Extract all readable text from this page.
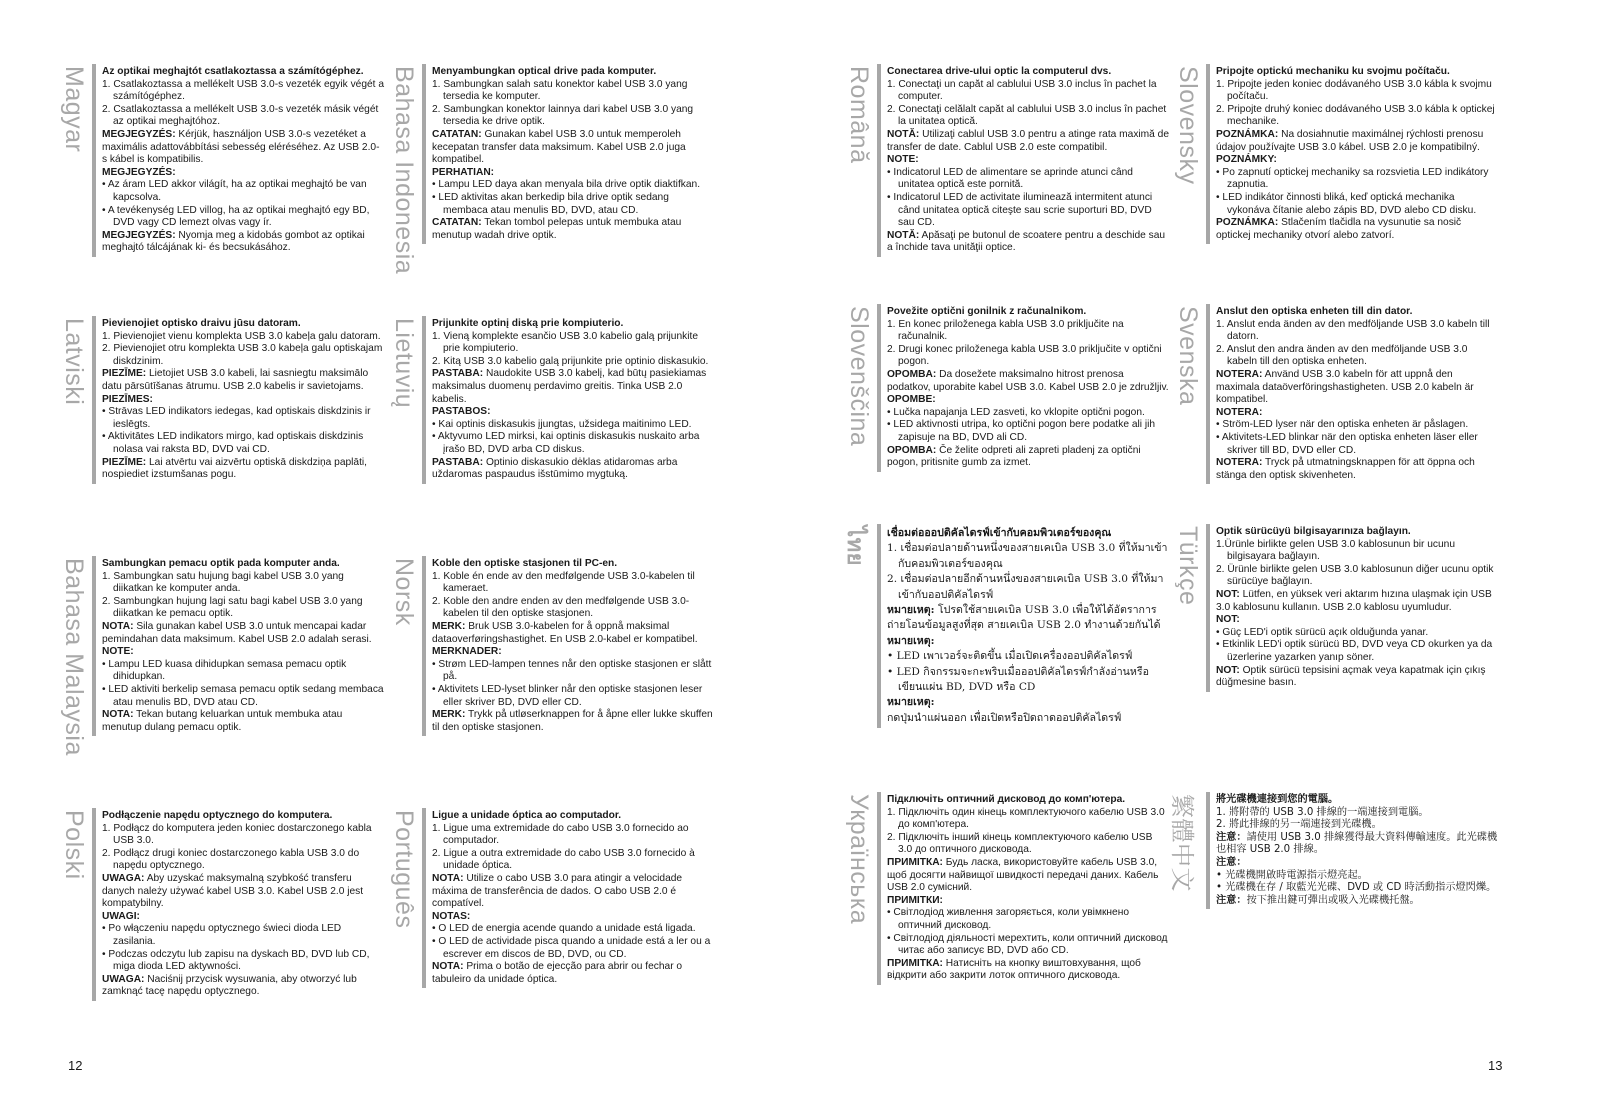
Magyar Az optikai meghajtót csatlakoztassa a számítógéphez.
1. Csatlakoztassa a mellékelt USB 3.0-s vezeték egyik végét a számítógéphez.
2. Csatlakoztassa a mellékelt USB 3.0-s vezeték másik végét az optikai meghajtóhoz.
MEGJEGYZÉS: Kérjük, használjon USB 3.0-s vezetéket a maximális adattovábbítási sebesség eléréséhez. Az USB 2.0-s kábel is kompatibilis.
MEGJEGYZÉS:
• Az áram LED akkor világít, ha az optikai meghajtó be van kapcsolva.
• A tevékenység LED villog, ha az optikai meghajtó egy BD, DVD vagy CD lemezt olvas vagy ír.
MEGJEGYZÉS: Nyomja meg a kidobás gombot az optikai meghajtó tálcájának ki- és becsukásához.	Bahasa Indonesia Menyambungkan optical drive pada komputer.
1. Sambungkan salah satu konektor kabel USB 3.0 yang tersedia ke komputer.
2. Sambungkan konektor lainnya dari kabel USB 3.0 yang tersedia ke drive optik.
CATATAN: Gunakan kabel USB 3.0 untuk memperoleh kecepatan transfer data maksimum. Kabel USB 2.0 juga kompatibel.
PERHATIAN:
• Lampu LED daya akan menyala bila drive optik diaktifkan.
• LED aktivitas akan berkedip bila drive optik sedang membaca atau menulis BD, DVD, atau CD.
CATATAN: Tekan tombol pelepas untuk membuka atau menutup wadah drive optik.
Română Conectarea drive-ului optic la computerul dvs.
1. Conectaţi un capăt al cablului USB 3.0 inclus în pachet la computer.
2. Conectaţi celălalt capăt al cablului USB 3.0 inclus în pachet la unitatea optică.
NOTĂ: Utilizaţi cablul USB 3.0 pentru a atinge rata maximă de transfer de date. Cablul USB 2.0 este compatibil.
NOTE:
• Indicatorul LED de alimentare se aprinde atunci când unitatea optică este pornită.
• Indicatorul LED de activitate iluminează intermitent atunci când unitatea optică citeşte sau scrie suporturi BD, DVD sau CD.
NOTĂ: Apăsaţi pe butonul de scoatere pentru a deschide sau a închide tava unităţii optice.
Slovensky Pripojte optickú mechaniku ku svojmu počítaču.
1. Pripojte jeden koniec dodávaného USB 3.0 kábla k svojmu počítaču.
2. Pripojte druhý koniec dodávaného USB 3.0 kábla k optickej mechanike.
POZNÁMKA: Na dosiahnutie maximálnej rýchlosti prenosu údajov používajte USB 3.0 kábel. USB 2.0 je kompatibilný.
POZNÁMKY:
• Po zapnutí optickej mechaniky sa rozsvietia LED indikátory zapnutia.
• LED indikátor činnosti bliká, keď optická mechanika vykonáva čítanie alebo zápis BD, DVD alebo CD disku.
POZNÁMKA: Stlačením tlačidla na vysunutie sa nosič optickej mechaniky otvorí alebo zatvorí.
Latviski Pievienojiet optisko draivu jūsu datoram.
1. Pievienojiet vienu komplekta USB 3.0 kabeļa galu datoram.
2. Pievienojiet otru komplekta USB 3.0 kabeļa galu optiskajam diskdzinim.
PIEZĪME: Lietojiet USB 3.0 kabeli, lai sasniegtu maksimālo datu pārsūtīšanas ātrumu. USB 2.0 kabelis ir savietojams.
PIEZĪMES:
• Strāvas LED indikators iedegas, kad optiskais diskdzinis ir ieslēgts.
• Aktivitātes LED indikators mirgo, kad optiskais diskdzinis nolasa vai raksta BD, DVD vai CD.
PIEZĪME: Lai atvērtu vai aizvērtu optiskā diskdziņa paplāti, nospiediet izstumšanas pogu.
Lietuvių Prijunkite optinį diską prie kompiuterio.
1. Vieną komplekte esančio USB 3.0 kabelio galą prijunkite prie kompiuterio.
2. Kitą USB 3.0 kabelio galą prijunkite prie optinio diskasukio.
PASTABA: Naudokite USB 3.0 kabelį, kad būtų pasiekiamas maksimalus duomenų perdavimo greitis. Tinka USB 2.0 kabelis.
PASTABOS:
• Kai optinis diskasukis įjungtas, užsidega maitinimo LED.
• Aktyvumo LED mirksi, kai optinis diskasukis nuskaito arba įrašo BD, DVD arba CD diskus.
PASTABA: Optinio diskasukio dėklas atidaromas arba uždaromas paspaudus išstūmimo mygtuką.
Slovenščina Povežite optični gonilnik z računalnikom.
1. En konec priloženega kabla USB 3.0 priključite na računalnik.
2. Drugi konec priloženega kabla USB 3.0 priključite v optični pogon.
OPOMBA: Da dosežete maksimalno hitrost prenosa podatkov, uporabite kabel USB 3.0. Kabel USB 2.0 je združljiv.
OPOMBE:
• Lučka napajanja LED zasveti, ko vklopite optični pogon.
• LED aktivnosti utripa, ko optični pogon bere podatke ali jih zapisuje na BD, DVD ali CD.
OPOMBA: Če želite odpreti ali zapreti pladenj za optični pogon, pritisnite gumb za izmet.
Svenska Anslut den optiska enheten till din dator.
1. Anslut enda änden av den medföljande USB 3.0 kabeln till datorn.
2. Anslut den andra änden av den medföljande USB 3.0 kabeln till den optiska enheten.
NOTERA: Använd USB 3.0 kabeln för att uppnå den maximala dataöverföringshastigheten. USB 2.0 kabeln är kompatibel.
NOTERA:
• Ström-LED lyser när den optiska enheten är påslagen.
• Aktivitets-LED blinkar när den optiska enheten läser eller skriver till BD, DVD eller CD.
NOTERA: Tryck på utmatningsknappen för att öppna och stänga den optisk skivenheten.
Bahasa Malaysia Sambungkan pemacu optik pada komputer anda.
1. Sambungkan satu hujung bagi kabel USB 3.0 yang diikatkan ke komputer anda.
2. Sambungkan hujung lagi satu bagi kabel USB 3.0 yang diikatkan ke pemacu optik.
NOTA: Sila gunakan kabel USB 3.0 untuk mencapai kadar pemindahan data maksimum. Kabel USB 2.0 adalah serasi.
NOTE:
• Lampu LED kuasa dihidupkan semasa pemacu optik dihidupkan.
• LED aktiviti berkelip semasa pemacu optik sedang membaca atau menulis BD, DVD atau CD.
NOTA: Tekan butang keluarkan untuk membuka atau menutup dulang pemacu optik.
Norsk Koble den optiske stasjonen til PC-en.
1. Koble én ende av den medfølgende USB 3.0-kabelen til kameraet.
2. Koble den andre enden av den medfølgende USB 3.0-kabelen til den optiske stasjonen.
MERK: Bruk USB 3.0-kabelen for å oppnå maksimal dataoverføringshastighet. En USB 2.0-kabel er kompatibel.
MERKNADER:
• Strøm LED-lampen tennes når den optiske stasjonen er slått på.
• Aktivitets LED-lyset blinker når den optiske stasjonen leser eller skriver BD, DVD eller CD.
MERK: Trykk på utløserknappen for å åpne eller lukke skuffen til den optiske stasjonen.
ไทย	เชื่อมต่อออปติคัลไดรฟ์เข้ากับคอมพิวเตอร์ของคุณ
1. เชื่อมต่อปลายด้านหนึ่งของสายเคเบิล USB 3.0 ที่ให้มาเข้ากับคอมพิวเตอร์ของคุณ
2. เชื่อมต่อปลายอีกด้านหนึ่งของสายเคเบิล USB 3.0 ที่ให้มาเข้ากับออปติคัลไดรฟ์
หมายเหตุ: โปรดใช้สายเคเบิล USB 3.0 เพื่อให้ได้อัตราการถ่ายโอนข้อมูลสูงที่สุด สายเคเบิล USB 2.0 ทำงานด้วยกันได้
หมายเหตุ:
• LED เพาเวอร์จะติดขึ้น เมื่อเปิดเครื่องออปติคัลไดรฟ์
• LED กิจกรรมจะกะพริบเมื่อออปติคัลไดรฟ์กำลังอ่านหรือเขียนแผ่น BD, DVD หรือ CD
หมายเหตุ:
กดปุ่มนำแผ่นออก เพื่อเปิดหรือปิดถาดออปติคัลไดรฟ์
Türkçe Optik sürücüyü bilgisayarınıza bağlayın.
1.Ürünle birlikte gelen USB 3.0 kablosunun bir ucunu bilgisayara bağlayın.
2. Ürünle birlikte gelen USB 3.0 kablosunun diğer ucunu optik sürücüye bağlayın.
NOT: Lütfen, en yüksek veri aktarım hızına ulaşmak için USB 3.0 kablosunu kullanın. USB 2.0 kablosu uyumludur.
NOT:
• Güç LED'i optik sürücü açık olduğunda yanar.
• Etkinlik LED'i optik sürücü BD, DVD veya CD okurken ya da üzerlerine yazarken yanıp söner.
NOT: Optik sürücü tepsisini açmak veya kapatmak için çıkış düğmesine basın.
Polski Podłączenie napędu optycznego do komputera.
1. Podłącz do komputera jeden koniec dostarczonego kabla USB 3.0.
2. Podłącz drugi koniec dostarczonego kabla USB 3.0 do napędu optycznego.
UWAGA: Aby uzyskać maksymalną szybkość transferu danych należy używać kabel USB 3.0. Kabel USB 2.0 jest kompatybilny.
UWAGI:
• Po włączeniu napędu optycznego świeci dioda LED zasilania.
• Podczas odczytu lub zapisu na dyskach BD, DVD lub CD, miga dioda LED aktywności.
UWAGA: Naciśnij przycisk wysuwania, aby otworzyć lub zamknąć tacę napędu optycznego.
Português Ligue a unidade óptica ao computador.
1. Ligue uma extremidade do cabo USB 3.0 fornecido ao computador.
2. Ligue a outra extremidade do cabo USB 3.0 fornecido à unidade óptica.
NOTA: Utilize o cabo USB 3.0 para atingir a velocidade máxima de transferência de dados. O cabo USB 2.0 é compatível.
NOTAS:
• O LED de energia acende quando a unidade está ligada.
• O LED de actividade pisca quando a unidade está a ler ou a escrever em discos de BD, DVD, ou CD.
NOTA: Prima o botão de ejecção para abrir ou fechar o tabuleiro da unidade óptica.
Українська Підключіть оптичний дисковод до комп'ютера.
1. Підключіть один кінець комплектуючого кабелю USB 3.0 до комп'ютера.
2. Підключіть інший кінець комплектуючого кабелю USB 3.0 до оптичного дисковода.
ПРИМІТКА: Будь ласка, використовуйте кабель USB 3.0, щоб досягти найвищої швидкості передачі даних. Кабель USB 2.0 сумісний.
ПРИМІТКИ:
• Світлодіод живлення загоряється, коли увімкнено оптичний дисковод.
• Світлодіод діяльності мерехтить, коли оптичний дисковод читає або записує BD, DVD або CD.
ПРИМІТКА: Натисніть на кнопку виштовхування, щоб відкрити або закрити лоток оптичного дисковода.
繁體中文	將光碟機連接到您的電腦。
1. 將附帶的 USB 3.0 排線的一端連接到電腦。
2. 將此排線的另一端連接到光碟機。
注意：請使用 USB 3.0 排線獲得最大資料傳輸速度。此光碟機也相容 USB 2.0 排線。
注意：
• 光碟機開啟時電源指示燈亮起。
• 光碟機在存 / 取藍光光碟、DVD 或 CD 時活動指示燈閃爍。
注意：按下推出鍵可彈出或吸入光碟機托盤。
12	13
